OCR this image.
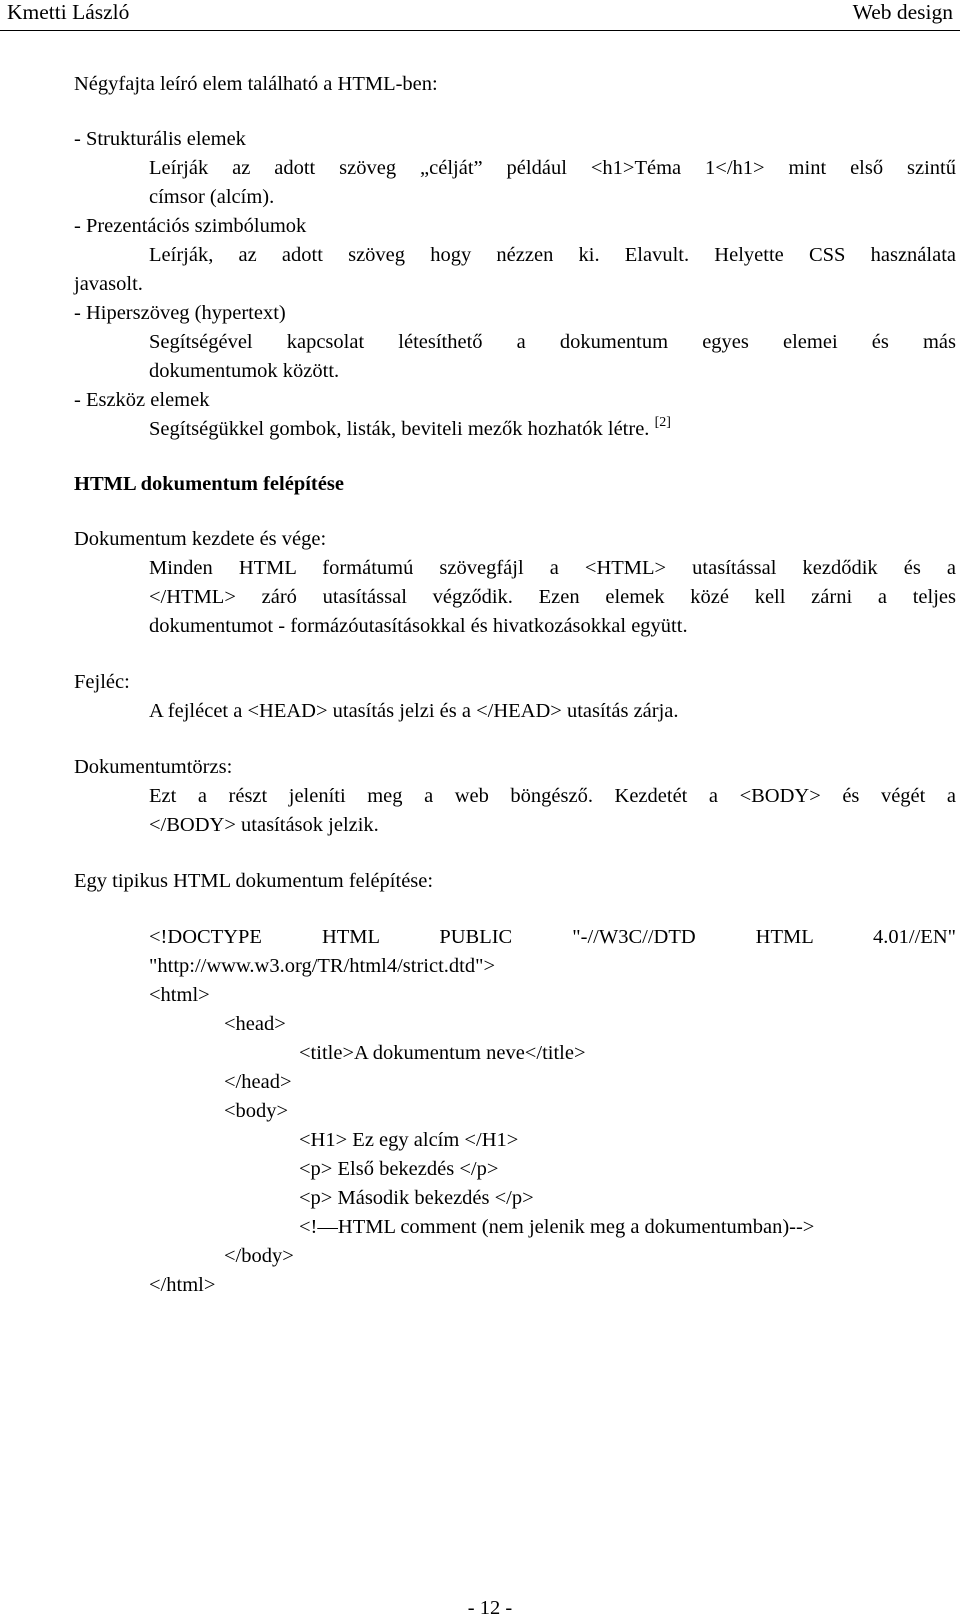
Kmetti László	Web design
Négyfajta leíró elem található a HTML-ben:
- Strukturális elemek
Leírják az adott szöveg „célját” például <h1>Téma 1</h1> mint első szintű
címsor (alcím).
- Prezentációs szimbólumok
Leírják, az adott szöveg hogy nézzen ki. Elavult. Helyette CSS használata
javasolt.
- Hiperszöveg (hypertext)
Segítségével kapcsolat létesíthető a dokumentum egyes elemei és más
dokumentumok között.
- Eszköz elemek
Segítségükkel gombok, listák, beviteli mezők hozhatók létre. [2]
HTML dokumentum felépítése
Dokumentum kezdete és vége:
Minden HTML formátumú szövegfájl a <HTML> utasítással kezdődik és a
</HTML> záró utasítással végződik. Ezen elemek közé kell zárni a teljes
dokumentumot - formázóutasításokkal és hivatkozásokkal együtt.
Fejléc:
A fejlécet a <HEAD> utasítás jelzi és a </HEAD> utasítás zárja.
Dokumentumtörzs:
Ezt a részt jeleníti meg a web böngésző. Kezdetét a <BODY> és végét a
</BODY> utasítások jelzik.
Egy tipikus HTML dokumentum felépítése:
<!DOCTYPE HTML PUBLIC "-//W3C//DTD HTML 4.01//EN"
"http://www.w3.org/TR/html4/strict.dtd">
<html>
<head>
<title>A dokumentum neve</title>
</head>
<body>
<H1> Ez egy alcím </H1>
<p> Első bekezdés </p>
<p> Második bekezdés </p>
<!—HTML comment (nem jelenik meg a dokumentumban)-->
</body>
</html>
- 12 -
